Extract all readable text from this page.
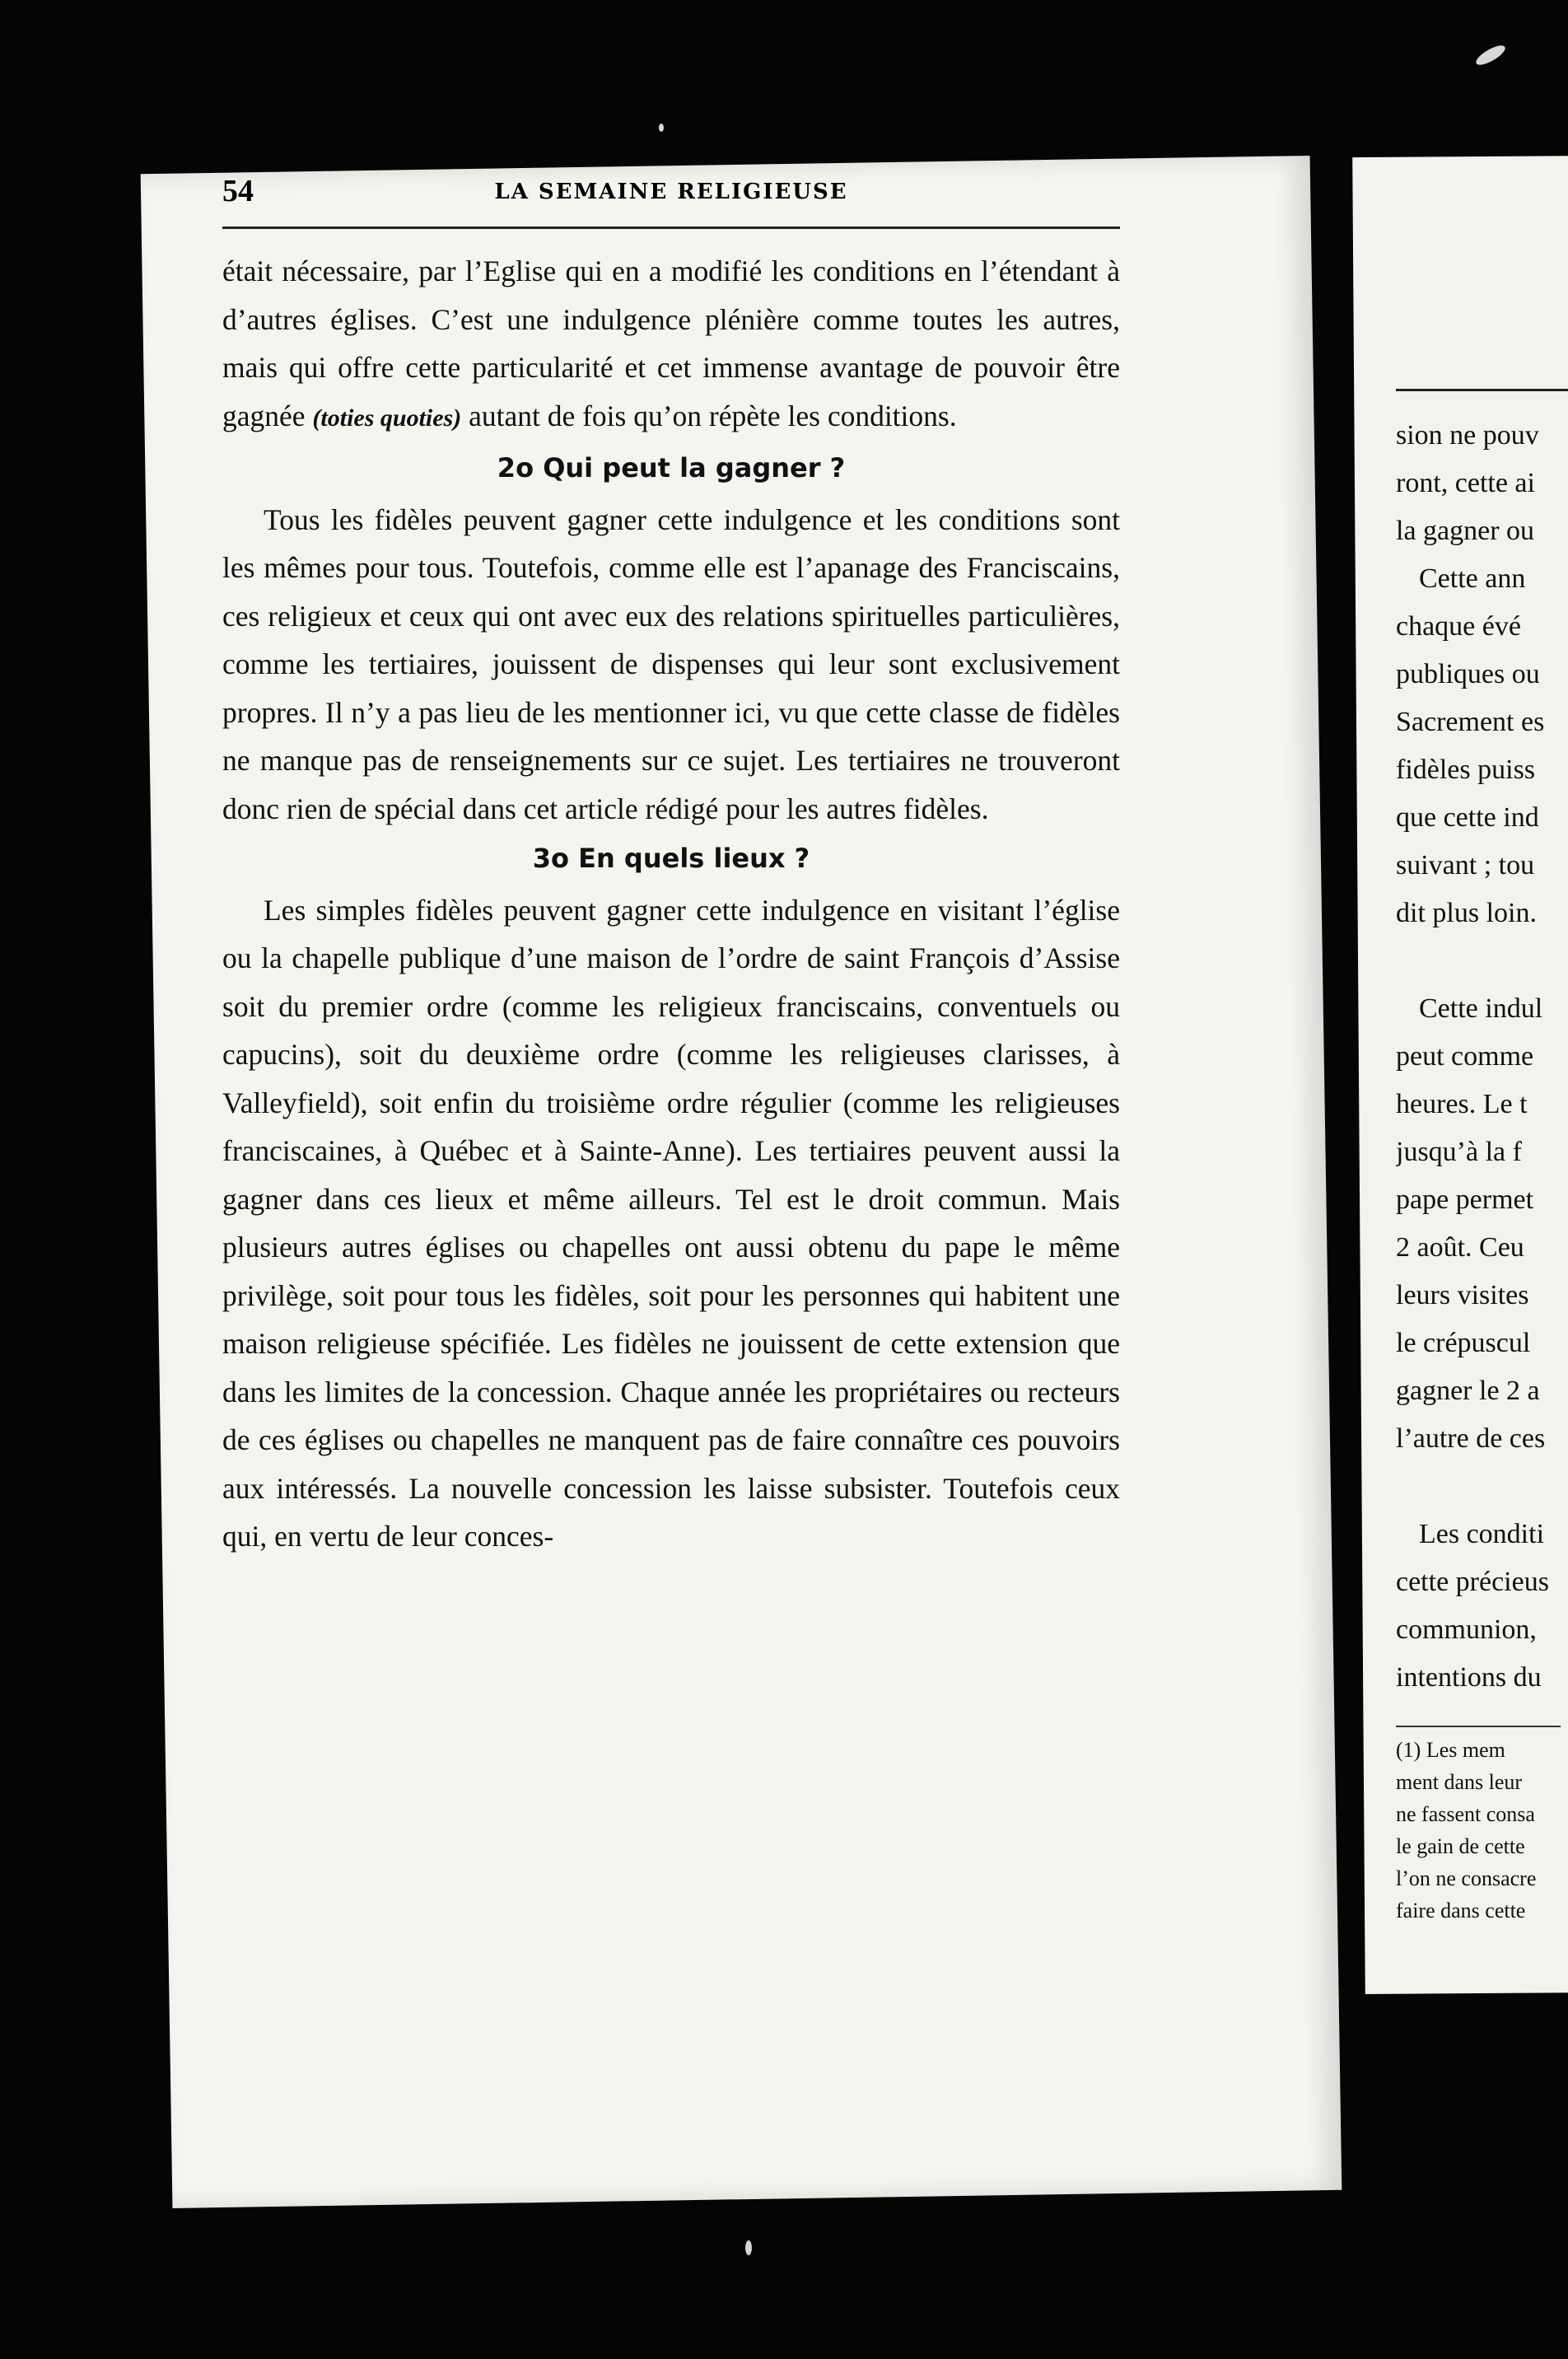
54	LA SEMAINE RELIGIEUSE

était nécessaire, par l’Eglise qui en a modifié les conditions en l’étendant à d’autres églises. C’est une indulgence plénière comme toutes les autres, mais qui offre cette particularité et cet immense avantage de pouvoir être gagnée (toties quoties) autant de fois qu’on répète les conditions.

2o Qui peut la gagner ?

Tous les fidèles peuvent gagner cette indulgence et les conditions sont les mêmes pour tous. Toutefois, comme elle est l’apanage des Franciscains, ces religieux et ceux qui ont avec eux des relations spirituelles particulières, comme les tertiaires, jouissent de dispenses qui leur sont exclusivement propres. Il n’y a pas lieu de les mentionner ici, vu que cette classe de fidèles ne manque pas de renseignements sur ce sujet. Les tertiaires ne trouveront donc rien de spécial dans cet article rédigé pour les autres fidèles.

3o En quels lieux ?

Les simples fidèles peuvent gagner cette indulgence en visitant l’église ou la chapelle publique d’une maison de l’ordre de saint François d’Assise soit du premier ordre (comme les religieux franciscains, conventuels ou capucins), soit du deuxième ordre (comme les religieuses clarisses, à Valleyfield), soit enfin du troisième ordre régulier (comme les religieuses franciscaines, à Québec et à Sainte-Anne). Les tertiaires peuvent aussi la gagner dans ces lieux et même ailleurs. Tel est le droit commun. Mais plusieurs autres églises ou chapelles ont aussi obtenu du pape le même privilège, soit pour tous les fidèles, soit pour les personnes qui habitent une maison religieuse spécifiée. Les fidèles ne jouissent de cette extension que dans les limites de la concession. Chaque année les propriétaires ou recteurs de ces églises ou chapelles ne manquent pas de faire connaître ces pouvoirs aux intéressés. La nouvelle concession les laisse subsister. Toutefois ceux qui, en vertu de leur conces-

sion ne pouv
ront, cette ai
la gagner ou
Cette ann
chaque évé
publiques ou
Sacrement es
fidèles puiss
que cette ind
suivant ; tou
dit plus loin.
Cette indul
peut comme
heures. Le t
jusqu’à la f
pape permet
2 août. Ceu
leurs visites
le crépuscul
gagner le 2 a
l’autre de ces
Les conditi
cette précieus
communion,
intentions du
(1) Les mem
ment dans leur
ne fassent consa
le gain de cette
l’on ne consacre
faire dans cette
